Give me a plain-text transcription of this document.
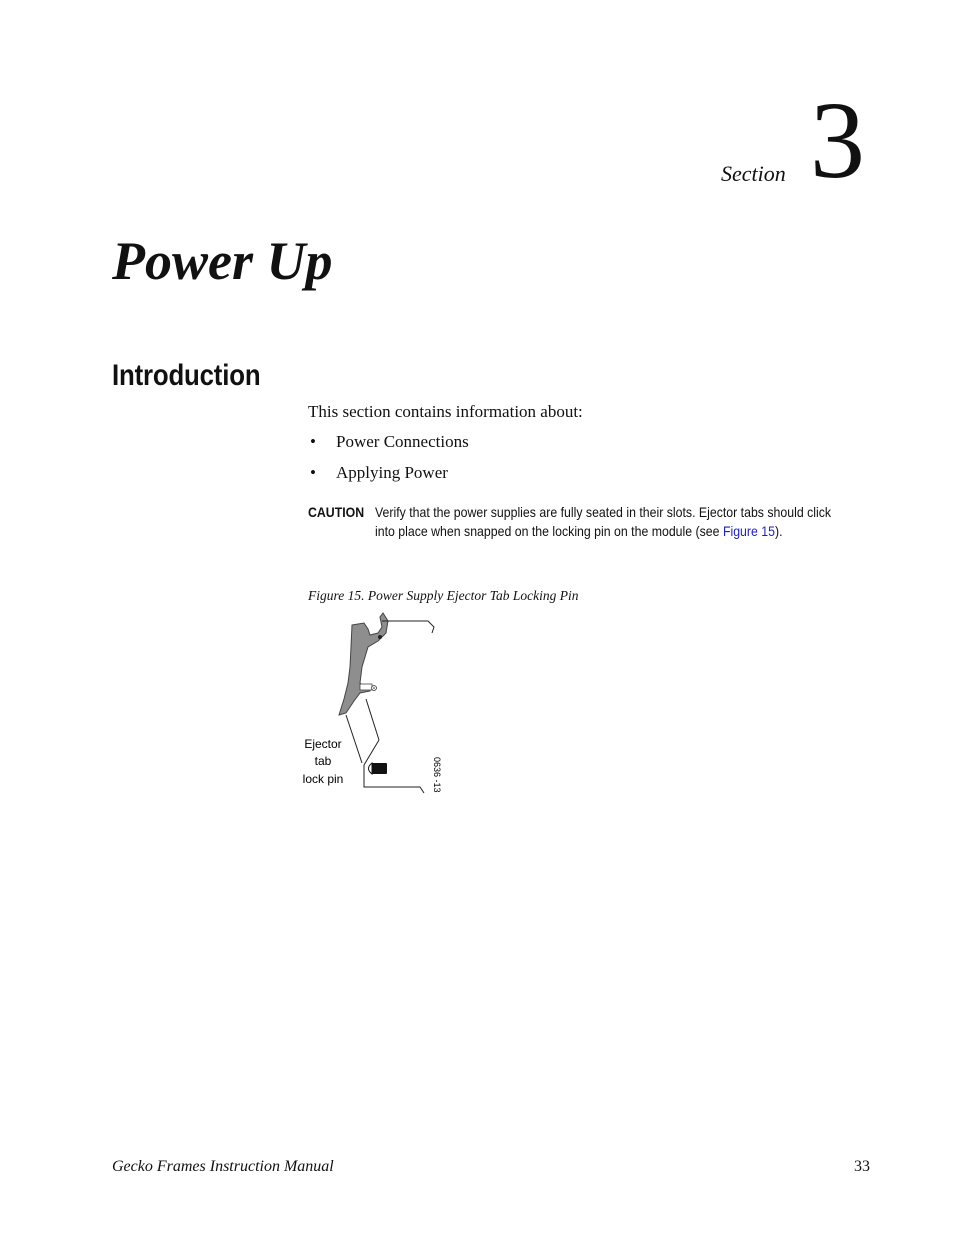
Section 3
Power Up
Introduction

This section contains information about:

• Power Connections
• Applying Power
CAUTION Verify that the power supplies are fully seated in their slots. Ejector tabs should click into place when snapped on the locking pin on the module (see Figure 15).

Figure 15. Power Supply Ejector Tab Locking Pin

Ejector tab lock pin	0636 -13
Gecko Frames Instruction Manual	33
